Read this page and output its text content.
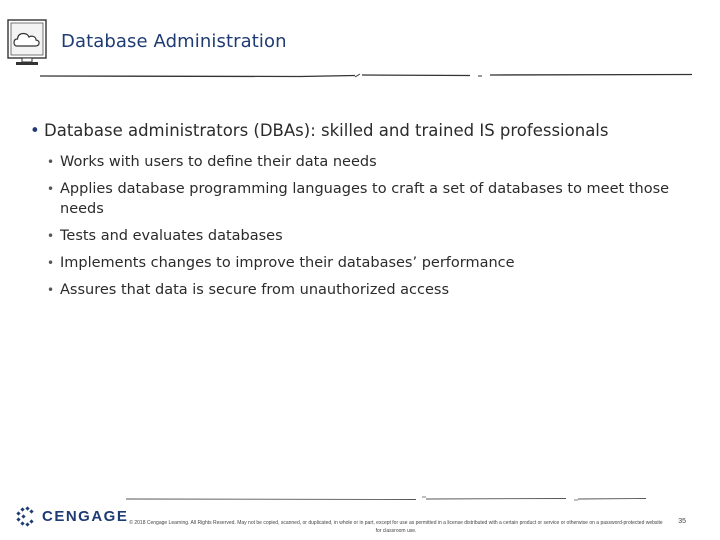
Database Administration
• Database administrators (DBAs): skilled and trained IS professionals
• Works with users to define their data needs
• Applies database programming languages to craft a set of databases to meet those needs
• Tests and evaluates databases
• Implements changes to improve their databases’ performance
• Assures that data is secure from unauthorized access
CENGAGE © 2018 Cengage Learning. All Rights Reserved. May not be copied, scanned, or duplicated, in whole or in part, except for use as permitted in a license distributed with a certain product or service or otherwise on a password-protected website for classroom use.
35
